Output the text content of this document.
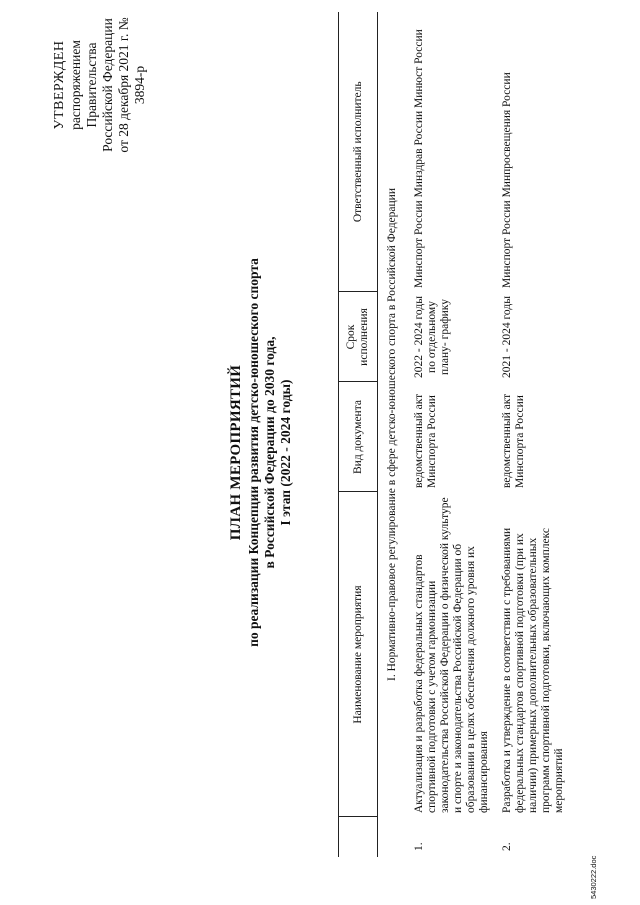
УТВЕРЖДЕН распоряжением Правительства Российской Федерации от 28 декабря 2021 г. № 3894-р
ПЛАН МЕРОПРИЯТИЙ по реализации Концепции развития детско-юношеского спорта в Российской Федерации до 2030 года, I этап (2022 - 2024 годы)
	Наименование мероприятия	Вид документа	Срок исполнения	Ответственный исполнитель
I. Нормативно-правовое регулирование в сфере детско-юношеского спорта в Российской Федерации				
1.	Актуализация и разработка федеральных стандартов спортивной подготовки с учетом гармонизации законодательства Российской Федерации о физической культуре и спорте и законодательства Российской Федерации об образовании в целях обеспечения должного уровня их финансирования	ведомственный акт Минспорта России	2022 - 2024 годы по отдельному плану- графику	Минспорт России Минздрав России Минюст России
2.	Разработка и утверждение в соответствии с требованиями федеральных стандартов спортивной подготовки (при их наличии) примерных дополнительных образовательных программ спортивной подготовки, включающих комплекс мероприятий	ведомственный акт Минспорта России	2021 - 2024 годы	Минспорт России Минпросвещения России
5430222.doc
